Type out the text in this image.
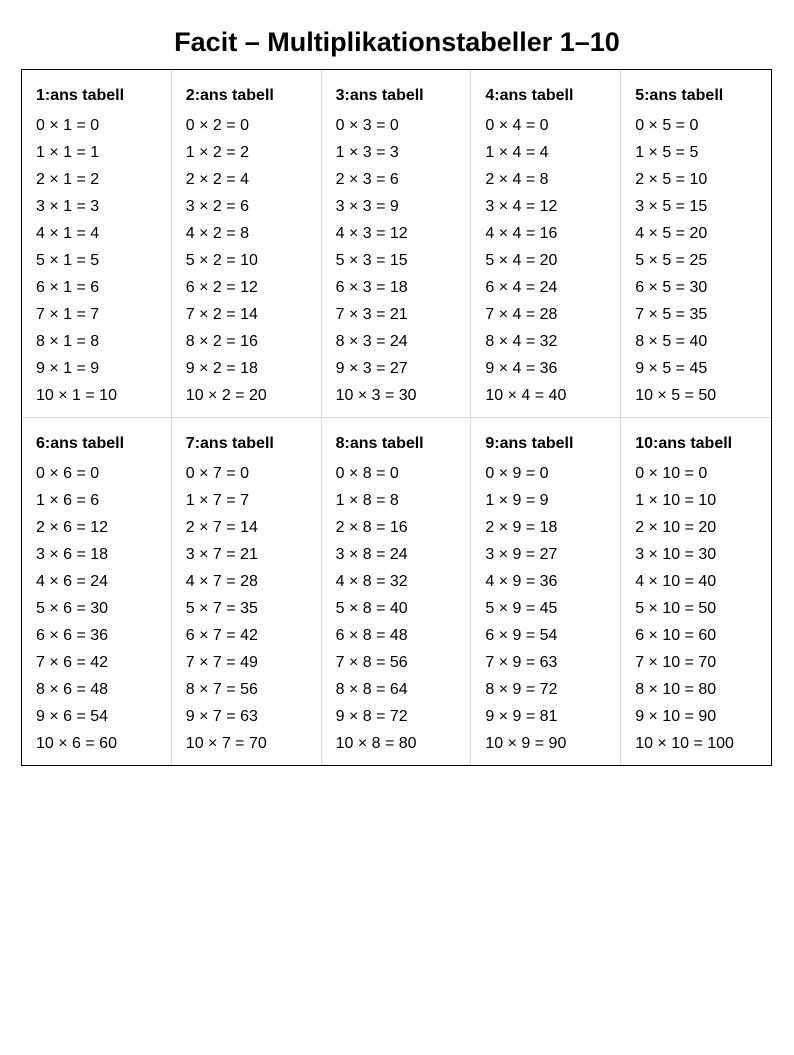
Facit – Multiplikationstabeller 1–10
1:ans tabell
0 × 1 = 0
1 × 1 = 1
2 × 1 = 2
3 × 1 = 3
4 × 1 = 4
5 × 1 = 5
6 × 1 = 6
7 × 1 = 7
8 × 1 = 8
9 × 1 = 9
10 × 1 = 10
2:ans tabell
0 × 2 = 0
1 × 2 = 2
2 × 2 = 4
3 × 2 = 6
4 × 2 = 8
5 × 2 = 10
6 × 2 = 12
7 × 2 = 14
8 × 2 = 16
9 × 2 = 18
10 × 2 = 20
3:ans tabell
0 × 3 = 0
1 × 3 = 3
2 × 3 = 6
3 × 3 = 9
4 × 3 = 12
5 × 3 = 15
6 × 3 = 18
7 × 3 = 21
8 × 3 = 24
9 × 3 = 27
10 × 3 = 30
4:ans tabell
0 × 4 = 0
1 × 4 = 4
2 × 4 = 8
3 × 4 = 12
4 × 4 = 16
5 × 4 = 20
6 × 4 = 24
7 × 4 = 28
8 × 4 = 32
9 × 4 = 36
10 × 4 = 40
5:ans tabell
0 × 5 = 0
1 × 5 = 5
2 × 5 = 10
3 × 5 = 15
4 × 5 = 20
5 × 5 = 25
6 × 5 = 30
7 × 5 = 35
8 × 5 = 40
9 × 5 = 45
10 × 5 = 50
6:ans tabell
0 × 6 = 0
1 × 6 = 6
2 × 6 = 12
3 × 6 = 18
4 × 6 = 24
5 × 6 = 30
6 × 6 = 36
7 × 6 = 42
8 × 6 = 48
9 × 6 = 54
10 × 6 = 60
7:ans tabell
0 × 7 = 0
1 × 7 = 7
2 × 7 = 14
3 × 7 = 21
4 × 7 = 28
5 × 7 = 35
6 × 7 = 42
7 × 7 = 49
8 × 7 = 56
9 × 7 = 63
10 × 7 = 70
8:ans tabell
0 × 8 = 0
1 × 8 = 8
2 × 8 = 16
3 × 8 = 24
4 × 8 = 32
5 × 8 = 40
6 × 8 = 48
7 × 8 = 56
8 × 8 = 64
9 × 8 = 72
10 × 8 = 80
9:ans tabell
0 × 9 = 0
1 × 9 = 9
2 × 9 = 18
3 × 9 = 27
4 × 9 = 36
5 × 9 = 45
6 × 9 = 54
7 × 9 = 63
8 × 9 = 72
9 × 9 = 81
10 × 9 = 90
10:ans tabell
0 × 10 = 0
1 × 10 = 10
2 × 10 = 20
3 × 10 = 30
4 × 10 = 40
5 × 10 = 50
6 × 10 = 60
7 × 10 = 70
8 × 10 = 80
9 × 10 = 90
10 × 10 = 100
